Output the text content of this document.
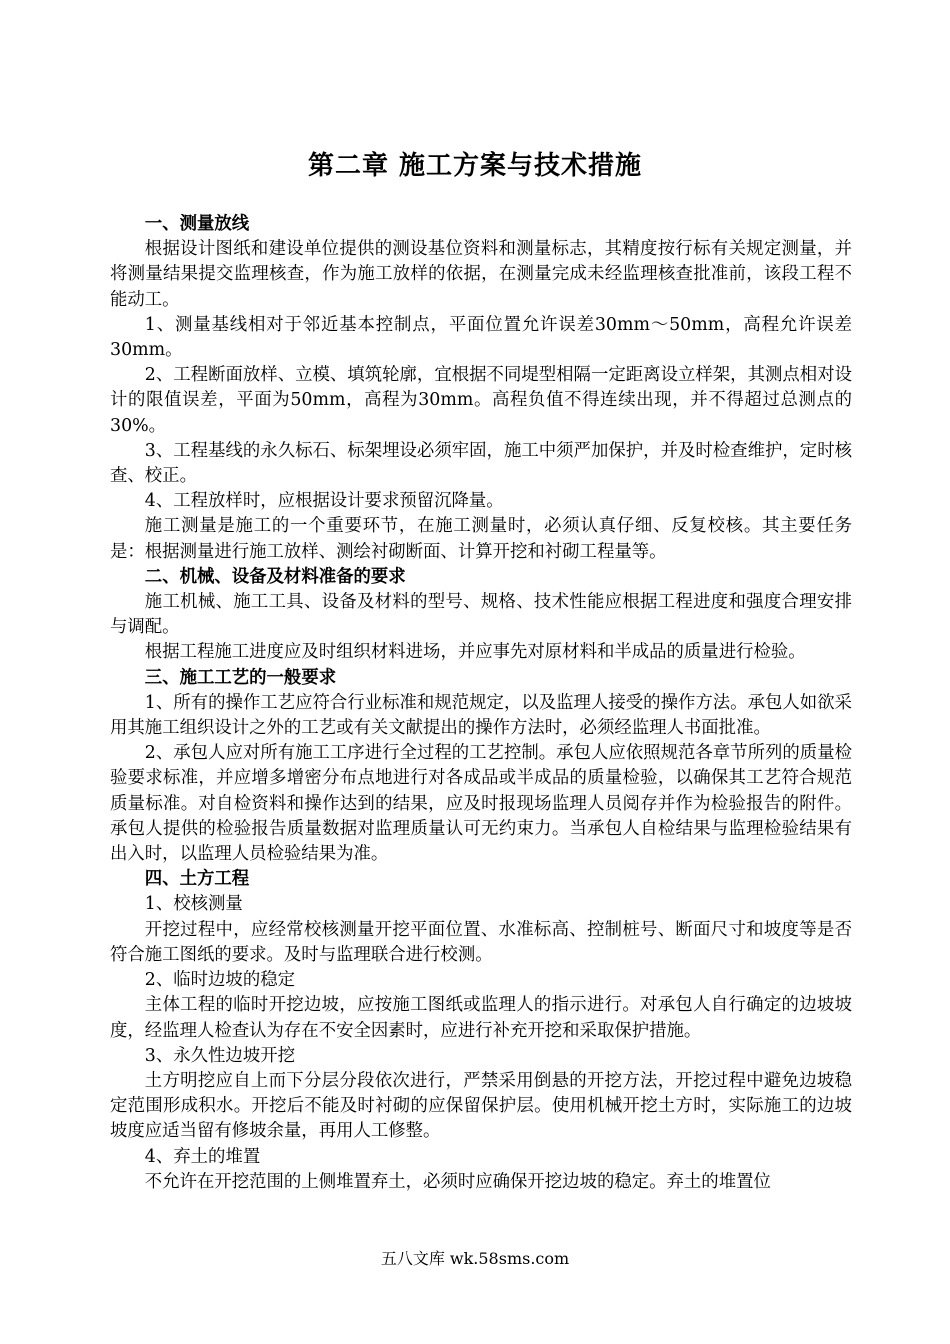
第二章 施工方案与技术措施
一、测量放线

根据设计图纸和建设单位提供的测设基位资料和测量标志，其精度按行标有关规定测量，并将测量结果提交监理核查，作为施工放样的依据，在测量完成未经监理核查批准前，该段工程不能动工。

1、测量基线相对于邻近基本控制点，平面位置允许误差30mm～50mm，高程允许误差30mm。

2、工程断面放样、立模、填筑轮廓，宜根据不同堤型相隔一定距离设立样架，其测点相对设计的限值误差，平面为50mm，高程为30mm。高程负值不得连续出现，并不得超过总测点的30%。

3、工程基线的永久标石、标架埋设必须牢固，施工中须严加保护，并及时检查维护，定时核查、校正。

4、工程放样时，应根据设计要求预留沉降量。

施工测量是施工的一个重要环节，在施工测量时，必须认真仔细、反复校核。其主要任务是：根据测量进行施工放样、测绘衬砌断面、计算开挖和衬砌工程量等。

二、机械、设备及材料准备的要求

施工机械、施工工具、设备及材料的型号、规格、技术性能应根据工程进度和强度合理安排与调配。

根据工程施工进度应及时组织材料进场，并应事先对原材料和半成品的质量进行检验。

三、施工工艺的一般要求

1、所有的操作工艺应符合行业标准和规范规定，以及监理人接受的操作方法。承包人如欲采用其施工组织设计之外的工艺或有关文献提出的操作方法时，必须经监理人书面批准。

2、承包人应对所有施工工序进行全过程的工艺控制。承包人应依照规范各章节所列的质量检验要求标准，并应增多增密分布点地进行对各成品或半成品的质量检验，以确保其工艺符合规范质量标准。对自检资料和操作达到的结果，应及时报现场监理人员阅存并作为检验报告的附件。承包人提供的检验报告质量数据对监理质量认可无约束力。当承包人自检结果与监理检验结果有出入时，以监理人员检验结果为准。

四、土方工程

1、校核测量

开挖过程中，应经常校核测量开挖平面位置、水准标高、控制桩号、断面尺寸和坡度等是否符合施工图纸的要求。及时与监理联合进行校测。

2、临时边坡的稳定

主体工程的临时开挖边坡，应按施工图纸或监理人的指示进行。对承包人自行确定的边坡坡度，经监理人检查认为存在不安全因素时，应进行补充开挖和采取保护措施。

3、永久性边坡开挖

土方明挖应自上而下分层分段依次进行，严禁采用倒悬的开挖方法，开挖过程中避免边坡稳定范围形成积水。开挖后不能及时衬砌的应保留保护层。使用机械开挖土方时，实际施工的边坡坡度应适当留有修坡余量，再用人工修整。

4、弃土的堆置

不允许在开挖范围的上侧堆置弃土，必须时应确保开挖边坡的稳定。弃土的堆置位

五八文库 wk.58sms.com
